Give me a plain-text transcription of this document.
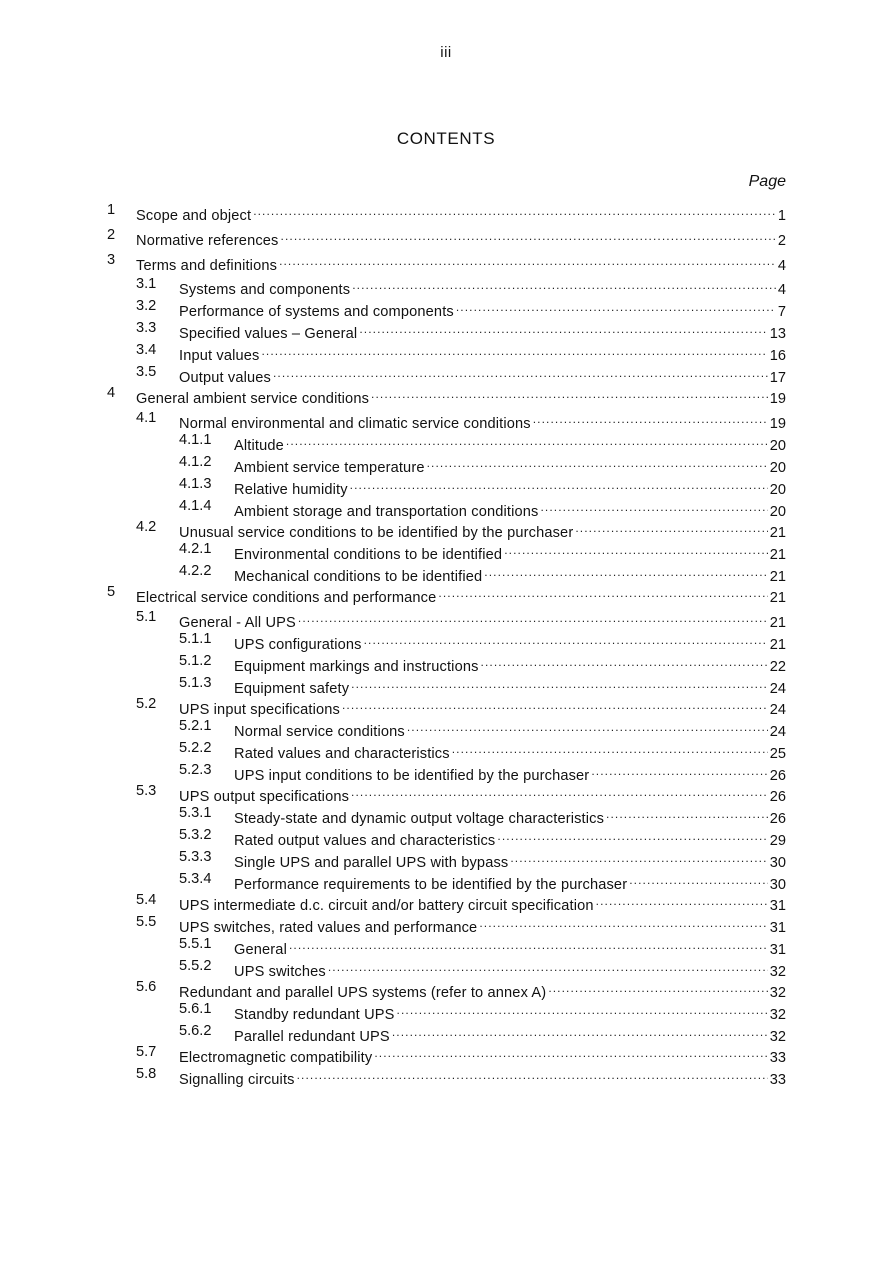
iii
CONTENTS
Page
1 Scope and object .....	1
2 Normative references .....	2
3 Terms and definitions .....	4
3.1 Systems and components .....	4
3.2 Performance of systems and components .....	7
3.3 Specified values – General .....	13
3.4 Input values .....	16
3.5 Output values .....	17
4 General ambient service conditions .....	19
4.1 Normal environmental and climatic service conditions .....	19
4.1.1 Altitude .....	20
4.1.2 Ambient service temperature .....	20
4.1.3 Relative humidity .....	20
4.1.4 Ambient storage and transportation conditions .....	20
4.2 Unusual service conditions to be identified by the purchaser .....	21
4.2.1 Environmental conditions to be identified .....	21
4.2.2 Mechanical conditions to be identified .....	21
5 Electrical service conditions and performance .....	21
5.1 General - All UPS .....	21
5.1.1 UPS configurations .....	21
5.1.2 Equipment markings and instructions .....	22
5.1.3 Equipment safety .....	24
5.2 UPS input specifications .....	24
5.2.1 Normal service conditions .....	24
5.2.2 Rated values and characteristics .....	25
5.2.3 UPS input conditions to be identified by the purchaser .....	26
5.3 UPS output specifications .....	26
5.3.1 Steady-state and dynamic output voltage characteristics .....	26
5.3.2 Rated output values and characteristics .....	29
5.3.3 Single UPS and parallel UPS with bypass .....	30
5.3.4 Performance requirements to be identified by the purchaser .....	30
5.4 UPS intermediate d.c. circuit and/or battery circuit specification .....	31
5.5 UPS switches, rated values and performance .....	31
5.5.1 General .....	31
5.5.2 UPS switches .....	32
5.6 Redundant and parallel UPS systems (refer to annex A) .....	32
5.6.1 Standby redundant UPS .....	32
5.6.2 Parallel redundant UPS .....	32
5.7 Electromagnetic compatibility .....	33
5.8 Signalling circuits .....	33
